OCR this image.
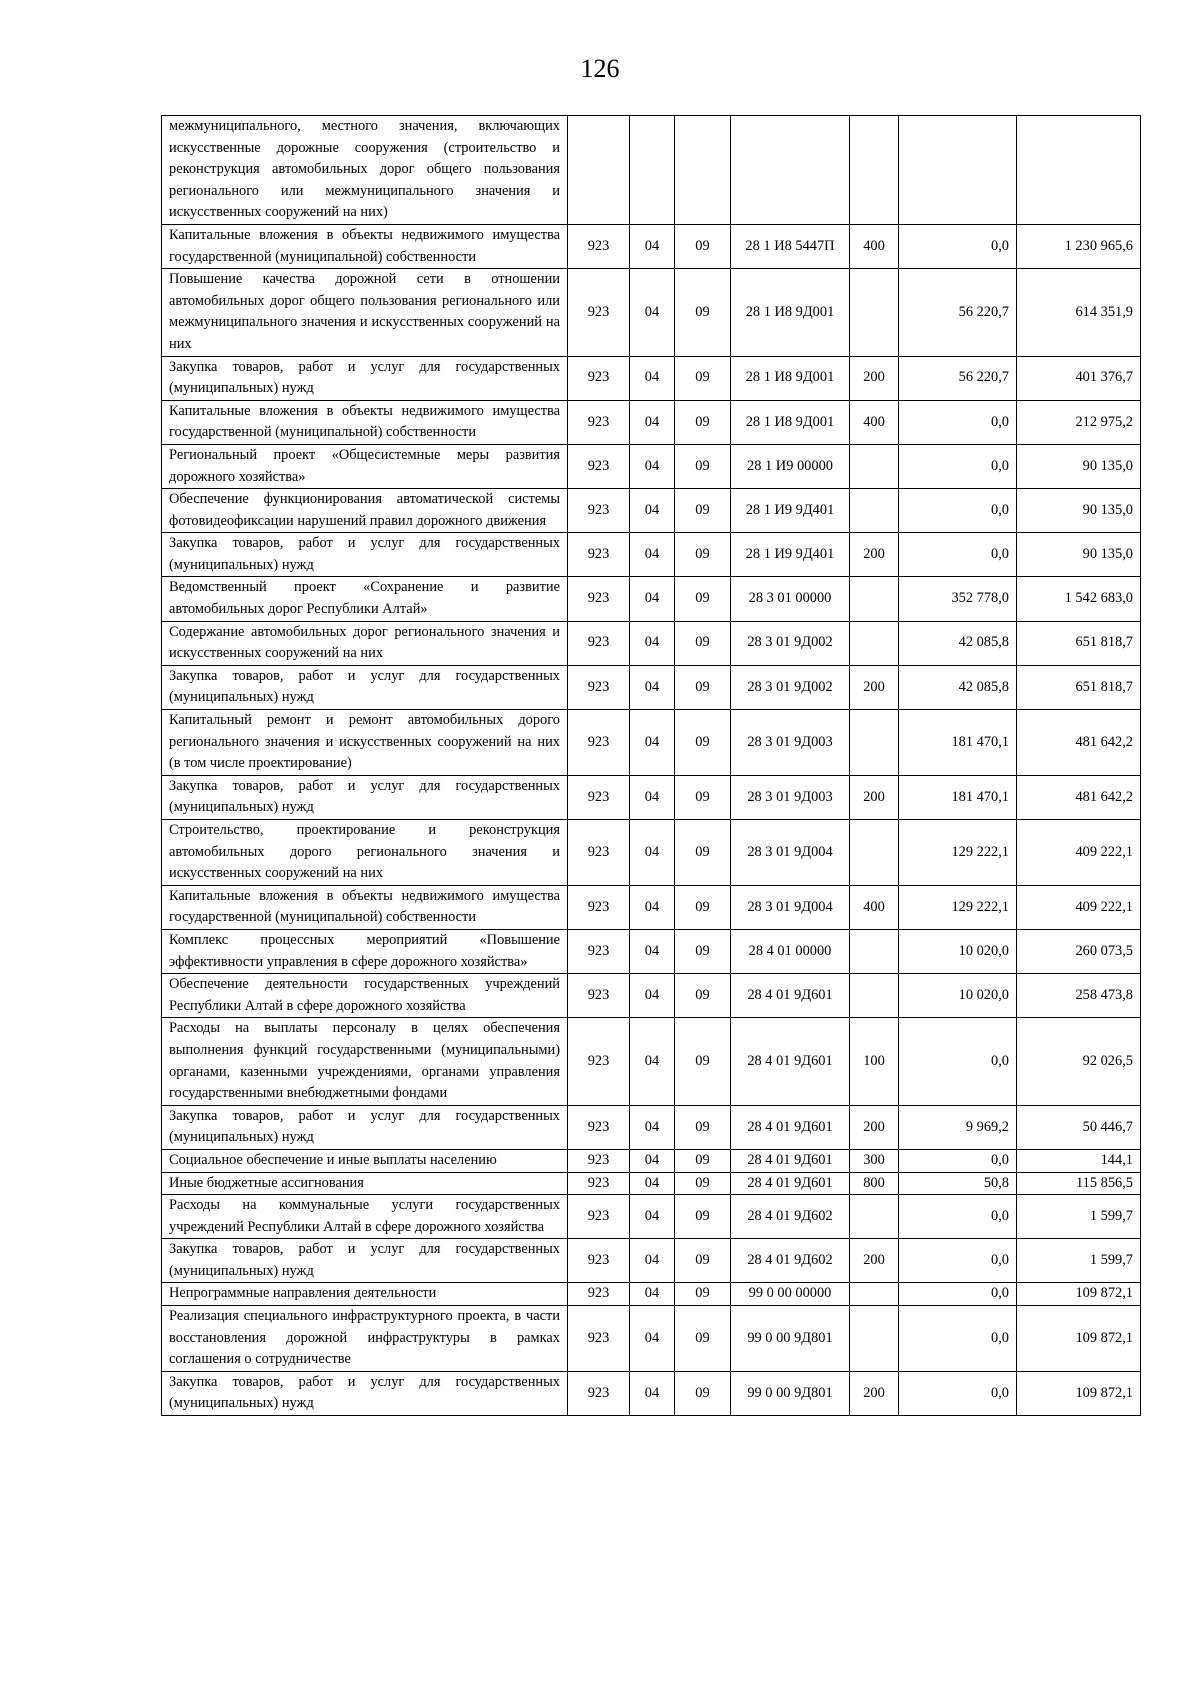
126
межмуниципального, местного значения, включающих искусственные дорожные сооружения (строительство и реконструкция автомобильных дорог общего пользования регионального или межмуниципального значения и искусственных сооружений на них)							
Капитальные вложения в объекты недвижимого имущества государственной (муниципальной) собственности	923	04	09	28 1 И8 5447П	400	0,0	1 230 965,6
Повышение качества дорожной сети в отношении автомобильных дорог общего пользования регионального или межмуниципального значения и искусственных сооружений на них	923	04	09	28 1 И8 9Д001		56 220,7	614 351,9
Закупка товаров, работ и услуг для государственных (муниципальных) нужд	923	04	09	28 1 И8 9Д001	200	56 220,7	401 376,7
Капитальные вложения в объекты недвижимого имущества государственной (муниципальной) собственности	923	04	09	28 1 И8 9Д001	400	0,0	212 975,2
Региональный проект «Общесистемные меры развития дорожного хозяйства»	923	04	09	28 1 И9 00000		0,0	90 135,0
Обеспечение функционирования автоматической системы фотовидеофиксации нарушений правил дорожного движения	923	04	09	28 1 И9 9Д401		0,0	90 135,0
Закупка товаров, работ и услуг для государственных (муниципальных) нужд	923	04	09	28 1 И9 9Д401	200	0,0	90 135,0
Ведомственный проект «Сохранение и развитие автомобильных дорог Республики Алтай»	923	04	09	28 3 01 00000		352 778,0	1 542 683,0
Содержание автомобильных дорог регионального значения и искусственных сооружений на них	923	04	09	28 3 01 9Д002		42 085,8	651 818,7
Закупка товаров, работ и услуг для государственных (муниципальных) нужд	923	04	09	28 3 01 9Д002	200	42 085,8	651 818,7
Капитальный ремонт и ремонт автомобильных дорого регионального значения и искусственных сооружений на них (в том числе проектирование)	923	04	09	28 3 01 9Д003		181 470,1	481 642,2
Закупка товаров, работ и услуг для государственных (муниципальных) нужд	923	04	09	28 3 01 9Д003	200	181 470,1	481 642,2
Строительство, проектирование и реконструкция автомобильных дорого регионального значения и искусственных сооружений на них	923	04	09	28 3 01 9Д004		129 222,1	409 222,1
Капитальные вложения в объекты недвижимого имущества государственной (муниципальной) собственности	923	04	09	28 3 01 9Д004	400	129 222,1	409 222,1
Комплекс процессных мероприятий «Повышение эффективности управления в сфере дорожного хозяйства»	923	04	09	28 4 01 00000		10 020,0	260 073,5
Обеспечение деятельности государственных учреждений Республики Алтай в сфере дорожного хозяйства	923	04	09	28 4 01 9Д601		10 020,0	258 473,8
Расходы на выплаты персоналу в целях обеспечения выполнения функций государственными (муниципальными) органами, казенными учреждениями, органами управления государственными внебюджетными фондами	923	04	09	28 4 01 9Д601	100	0,0	92 026,5
Закупка товаров, работ и услуг для государственных (муниципальных) нужд	923	04	09	28 4 01 9Д601	200	9 969,2	50 446,7
Социальное обеспечение и иные выплаты населению	923	04	09	28 4 01 9Д601	300	0,0	144,1
Иные бюджетные ассигнования	923	04	09	28 4 01 9Д601	800	50,8	115 856,5
Расходы на коммунальные услуги государственных учреждений Республики Алтай в сфере дорожного хозяйства	923	04	09	28 4 01 9Д602		0,0	1 599,7
Закупка товаров, работ и услуг для государственных (муниципальных) нужд	923	04	09	28 4 01 9Д602	200	0,0	1 599,7
Непрограммные направления деятельности	923	04	09	99 0 00 00000		0,0	109 872,1
Реализация специального инфраструктурного проекта, в части восстановления дорожной инфраструктуры в рамках соглашения о сотрудничестве	923	04	09	99 0 00 9Д801		0,0	109 872,1
Закупка товаров, работ и услуг для государственных (муниципальных) нужд	923	04	09	99 0 00 9Д801	200	0,0	109 872,1
